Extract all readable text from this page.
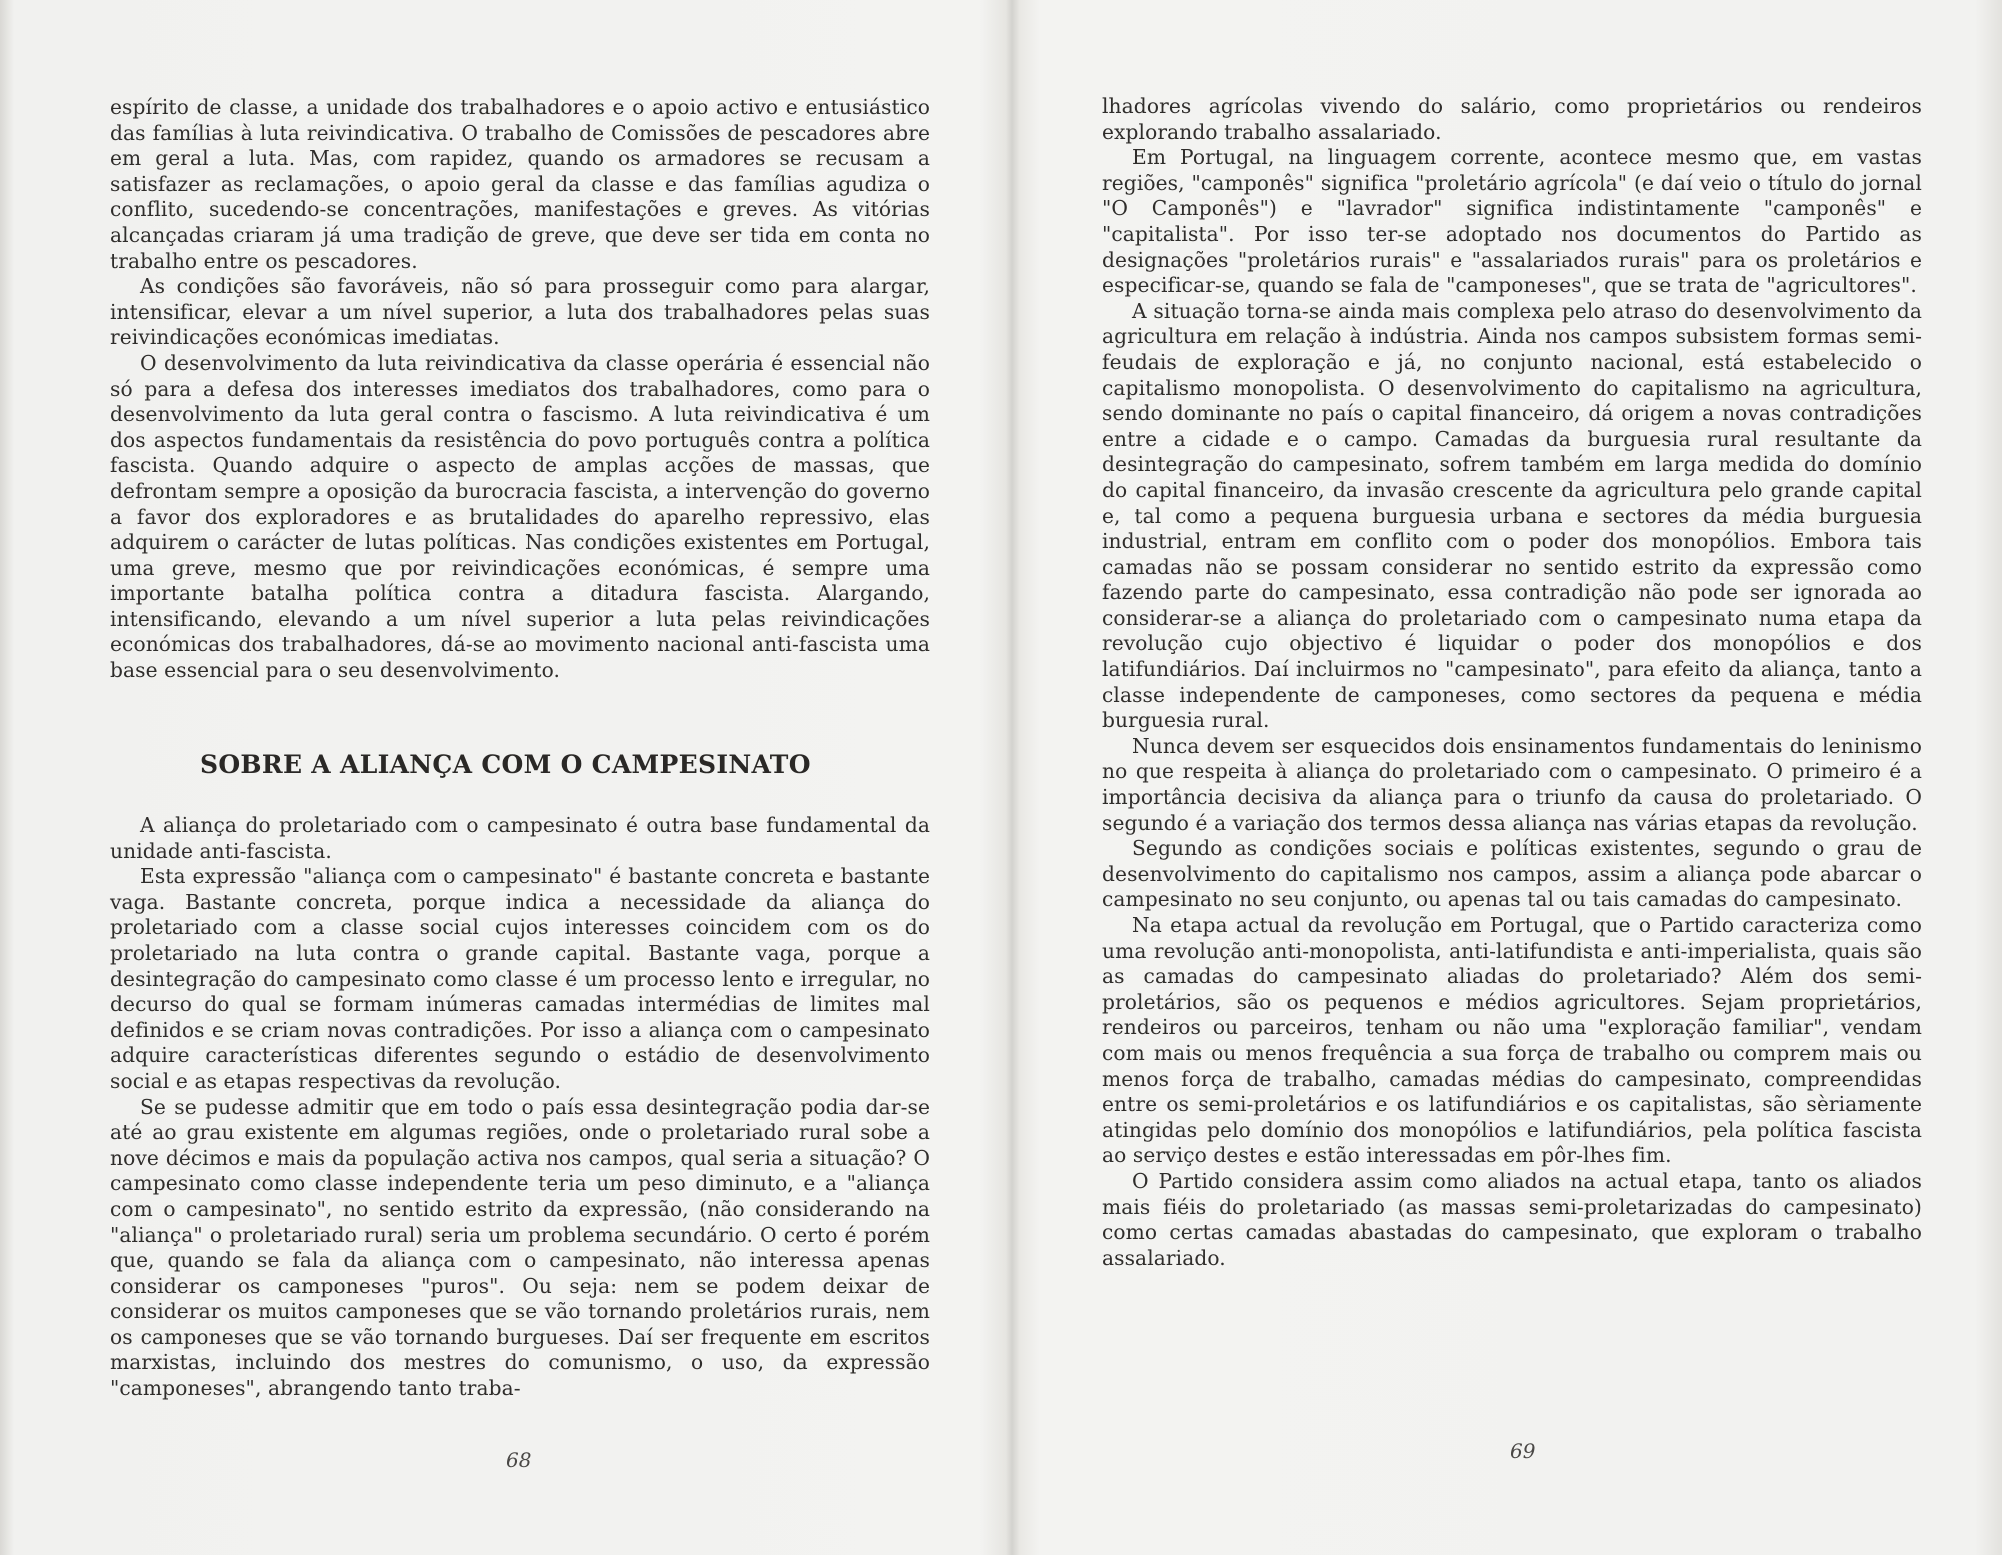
espírito de classe, a unidade dos trabalhadores e o apoio activo e entusiástico das famílias à luta reivindicativa. O trabalho de Comissões de pescadores abre em geral a luta. Mas, com rapidez, quando os armadores se recusam a satisfazer as reclamações, o apoio geral da classe e das famílias agudiza o conflito, sucedendo-se concentrações, manifestações e greves. As vitórias alcançadas criaram já uma tradição de greve, que deve ser tida em conta no trabalho entre os pescadores.

As condições são favoráveis, não só para prosseguir como para alargar, intensificar, elevar a um nível superior, a luta dos trabalhadores pelas suas reivindicações económicas imediatas.

O desenvolvimento da luta reivindicativa da classe operária é essencial não só para a defesa dos interesses imediatos dos trabalhadores, como para o desenvolvimento da luta geral contra o fascismo. A luta reivindicativa é um dos aspectos fundamentais da resistência do povo português contra a política fascista. Quando adquire o aspecto de amplas acções de massas, que defrontam sempre a oposição da burocracia fascista, a intervenção do governo a favor dos exploradores e as brutalidades do aparelho repressivo, elas adquirem o carácter de lutas políticas. Nas condições existentes em Portugal, uma greve, mesmo que por reivindicações económicas, é sempre uma importante batalha política contra a ditadura fascista. Alargando, intensificando, elevando a um nível superior a luta pelas reivindicações económicas dos trabalhadores, dá-se ao movimento nacional anti-fascista uma base essencial para o seu desenvolvimento.

SOBRE A ALIANÇA COM O CAMPESINATO

A aliança do proletariado com o campesinato é outra base fundamental da unidade anti-fascista.

Esta expressão "aliança com o campesinato" é bastante concreta e bastante vaga. Bastante concreta, porque indica a necessidade da aliança do proletariado com a classe social cujos interesses coincidem com os do proletariado na luta contra o grande capital. Bastante vaga, porque a desintegração do campesinato como classe é um processo lento e irregular, no decurso do qual se formam inúmeras camadas intermédias de limites mal definidos e se criam novas contradições. Por isso a aliança com o campesinato adquire características diferentes segundo o estádio de desenvolvimento social e as etapas respectivas da revolução.

Se se pudesse admitir que em todo o país essa desintegração podia dar-se até ao grau existente em algumas regiões, onde o proletariado rural sobe a nove décimos e mais da população activa nos campos, qual seria a situação? O campesinato como classe independente teria um peso diminuto, e a "aliança com o campesinato", no sentido estrito da expressão, (não considerando na "aliança" o proletariado rural) seria um problema secundário. O certo é porém que, quando se fala da aliança com o campesinato, não interessa apenas considerar os camponeses "puros". Ou seja: nem se podem deixar de considerar os muitos camponeses que se vão tornando proletários rurais, nem os camponeses que se vão tornando burgueses. Daí ser frequente em escritos marxistas, incluindo dos mestres do comunismo, o uso, da expressão "camponeses", abrangendo tanto traba-

68

lhadores agrícolas vivendo do salário, como proprietários ou rendeiros explorando trabalho assalariado.

Em Portugal, na linguagem corrente, acontece mesmo que, em vastas regiões, "camponês" significa "proletário agrícola" (e daí veio o título do jornal "O Camponês") e "lavrador" significa indistintamente "camponês" e "capitalista". Por isso ter-se adoptado nos documentos do Partido as designações "proletários rurais" e "assalariados rurais" para os proletários e especificar-se, quando se fala de "camponeses", que se trata de "agricultores".

A situação torna-se ainda mais complexa pelo atraso do desenvolvimento da agricultura em relação à indústria. Ainda nos campos subsistem formas semi-feudais de exploração e já, no conjunto nacional, está estabelecido o capitalismo monopolista. O desenvolvimento do capitalismo na agricultura, sendo dominante no país o capital financeiro, dá origem a novas contradições entre a cidade e o campo. Camadas da burguesia rural resultante da desintegração do campesinato, sofrem também em larga medida do domínio do capital financeiro, da invasão crescente da agricultura pelo grande capital e, tal como a pequena burguesia urbana e sectores da média burguesia industrial, entram em conflito com o poder dos monopólios. Embora tais camadas não se possam considerar no sentido estrito da expressão como fazendo parte do campesinato, essa contradição não pode ser ignorada ao considerar-se a aliança do proletariado com o campesinato numa etapa da revolução cujo objectivo é liquidar o poder dos monopólios e dos latifundiários. Daí incluirmos no "campesinato", para efeito da aliança, tanto a classe independente de camponeses, como sectores da pequena e média burguesia rural.

Nunca devem ser esquecidos dois ensinamentos fundamentais do leninismo no que respeita à aliança do proletariado com o campesinato. O primeiro é a importância decisiva da aliança para o triunfo da causa do proletariado. O segundo é a variação dos termos dessa aliança nas várias etapas da revolução.

Segundo as condições sociais e políticas existentes, segundo o grau de desenvolvimento do capitalismo nos campos, assim a aliança pode abarcar o campesinato no seu conjunto, ou apenas tal ou tais camadas do campesinato.

Na etapa actual da revolução em Portugal, que o Partido caracteriza como uma revolução anti-monopolista, anti-latifundista e anti-imperialista, quais são as camadas do campesinato aliadas do proletariado? Além dos semi-proletários, são os pequenos e médios agricultores. Sejam proprietários, rendeiros ou parceiros, tenham ou não uma "exploração familiar", vendam com mais ou menos frequência a sua força de trabalho ou comprem mais ou menos força de trabalho, camadas médias do campesinato, compreendidas entre os semi-proletários e os latifundiários e os capitalistas, são sèriamente atingidas pelo domínio dos monopólios e latifundiários, pela política fascista ao serviço destes e estão interessadas em pôr-lhes fim.

O Partido considera assim como aliados na actual etapa, tanto os aliados mais fiéis do proletariado (as massas semi-proletarizadas do campesinato) como certas camadas abastadas do campesinato, que exploram o trabalho assalariado.

69
